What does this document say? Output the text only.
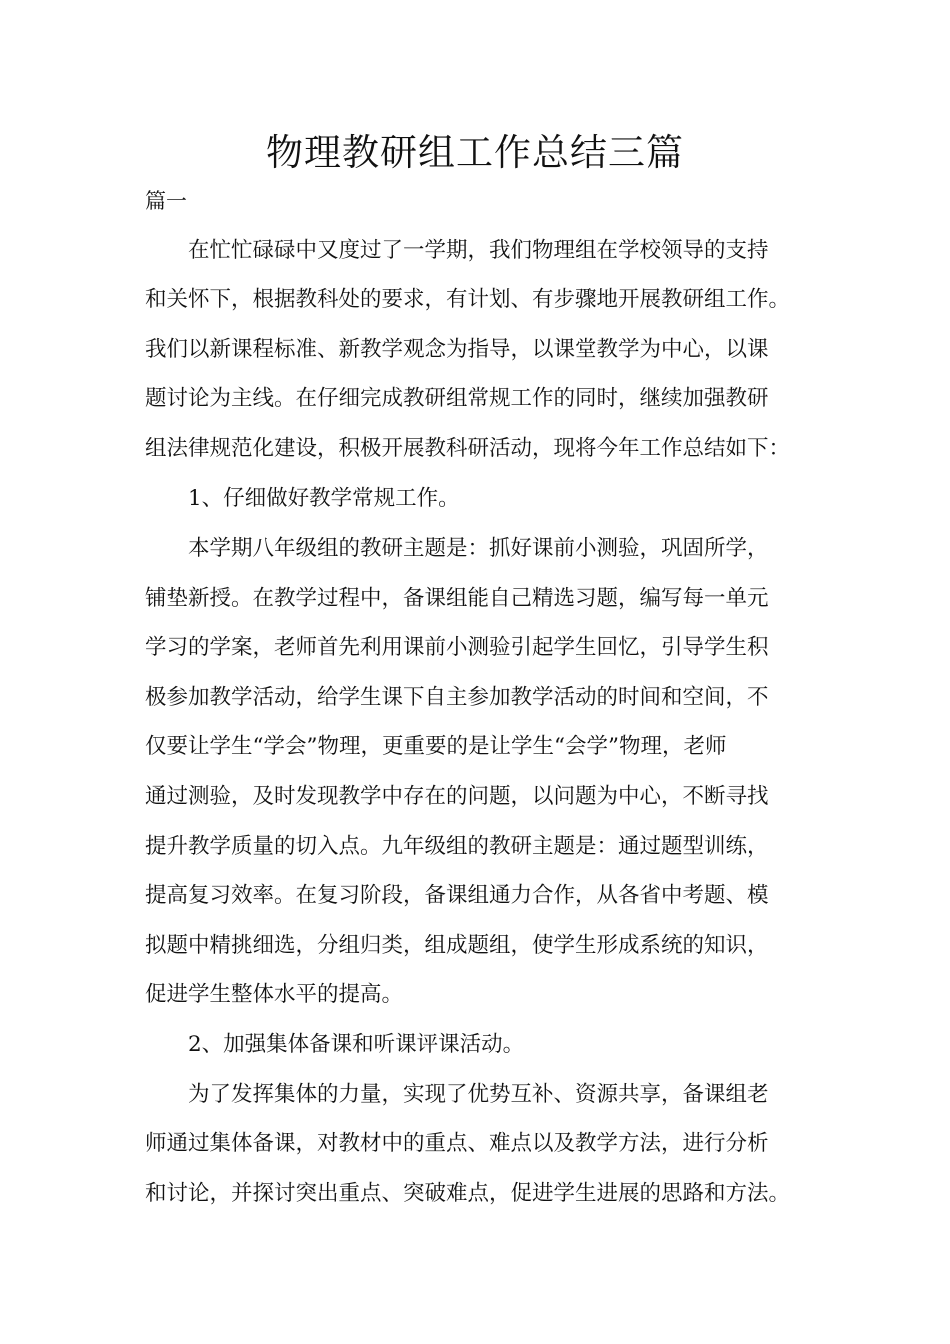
物理教研组工作总结三篇

篇一

在忙忙碌碌中又度过了一学期，我们物理组在学校领导的支持

和关怀下，根据教科处的要求，有计划、有步骤地开展教研组工作。

我们以新课程标准、新教学观念为指导，以课堂教学为中心，以课

题讨论为主线。在仔细完成教研组常规工作的同时，继续加强教研

组法律规范化建设，积极开展教科研活动，现将今年工作总结如下：

1、仔细做好教学常规工作。

本学期八年级组的教研主题是：抓好课前小测验，巩固所学，

铺垫新授。在教学过程中，备课组能自己精选习题，编写每一单元

学习的学案，老师首先利用课前小测验引起学生回忆，引导学生积

极参加教学活动，给学生课下自主参加教学活动的时间和空间，不

仅要让学生“学会”物理，更重要的是让学生“会学”物理，老师

通过测验，及时发现教学中存在的问题，以问题为中心，不断寻找

提升教学质量的切入点。九年级组的教研主题是：通过题型训练，

提高复习效率。在复习阶段，备课组通力合作，从各省中考题、模

拟题中精挑细选，分组归类，组成题组，使学生形成系统的知识，

促进学生整体水平的提高。

2、加强集体备课和听课评课活动。

为了发挥集体的力量，实现了优势互补、资源共享，备课组老

师通过集体备课，对教材中的重点、难点以及教学方法，进行分析

和讨论，并探讨突出重点、突破难点，促进学生进展的思路和方法。
